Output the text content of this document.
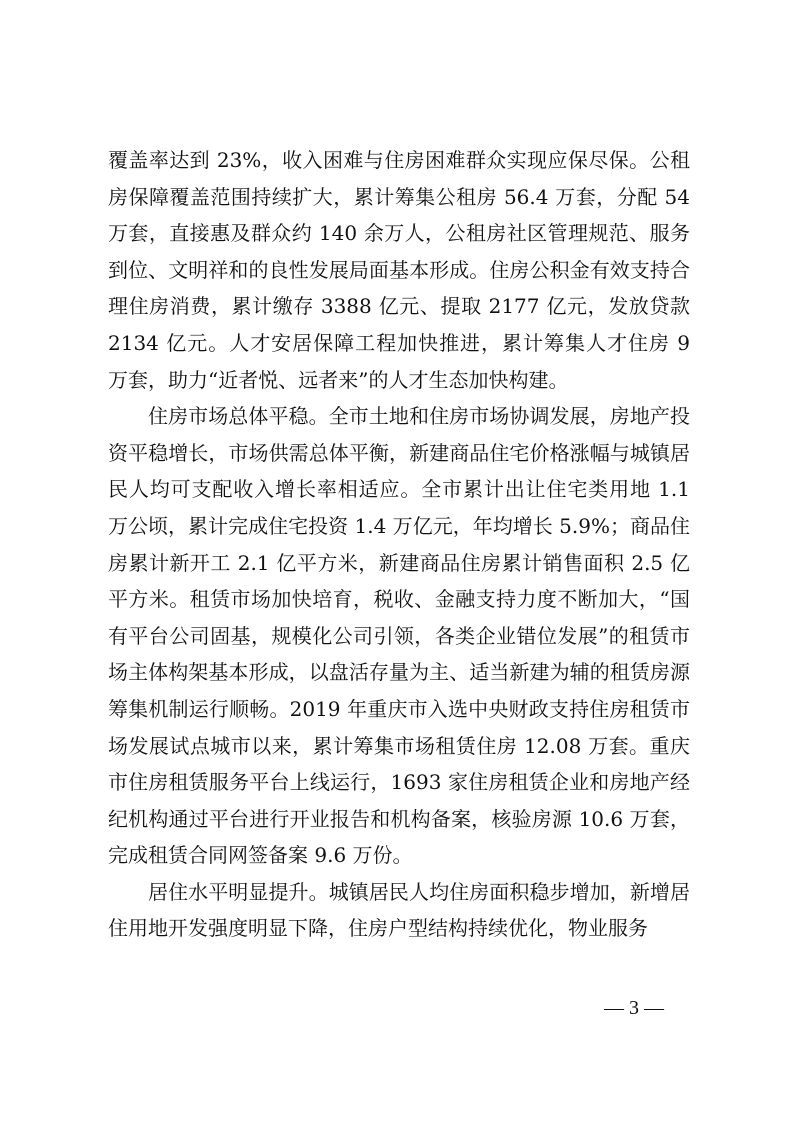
覆盖率达到 23%，收入困难与住房困难群众实现应保尽保。公租房保障覆盖范围持续扩大，累计筹集公租房 56.4 万套，分配 54 万套，直接惠及群众约 140 余万人，公租房社区管理规范、服务到位、文明祥和的良性发展局面基本形成。住房公积金有效支持合理住房消费，累计缴存 3388 亿元、提取 2177 亿元，发放贷款 2134 亿元。人才安居保障工程加快推进，累计筹集人才住房 9 万套，助力“近者悦、远者来”的人才生态加快构建。

住房市场总体平稳。全市土地和住房市场协调发展，房地产投资平稳增长，市场供需总体平衡，新建商品住宅价格涨幅与城镇居民人均可支配收入增长率相适应。全市累计出让住宅类用地 1.1 万公顷，累计完成住宅投资 1.4 万亿元，年均增长 5.9%；商品住房累计新开工 2.1 亿平方米，新建商品住房累计销售面积 2.5 亿平方米。租赁市场加快培育，税收、金融支持力度不断加大，“国有平台公司固基，规模化公司引领，各类企业错位发展”的租赁市场主体构架基本形成，以盘活存量为主、适当新建为辅的租赁房源筹集机制运行顺畅。2019 年重庆市入选中央财政支持住房租赁市场发展试点城市以来，累计筹集市场租赁住房 12.08 万套。重庆市住房租赁服务平台上线运行，1693 家住房租赁企业和房地产经纪机构通过平台进行开业报告和机构备案，核验房源 10.6 万套，完成租赁合同网签备案 9.6 万份。

居住水平明显提升。城镇居民人均住房面积稳步增加，新增居住用地开发强度明显下降，住房户型结构持续优化，物业服务

— 3 —
